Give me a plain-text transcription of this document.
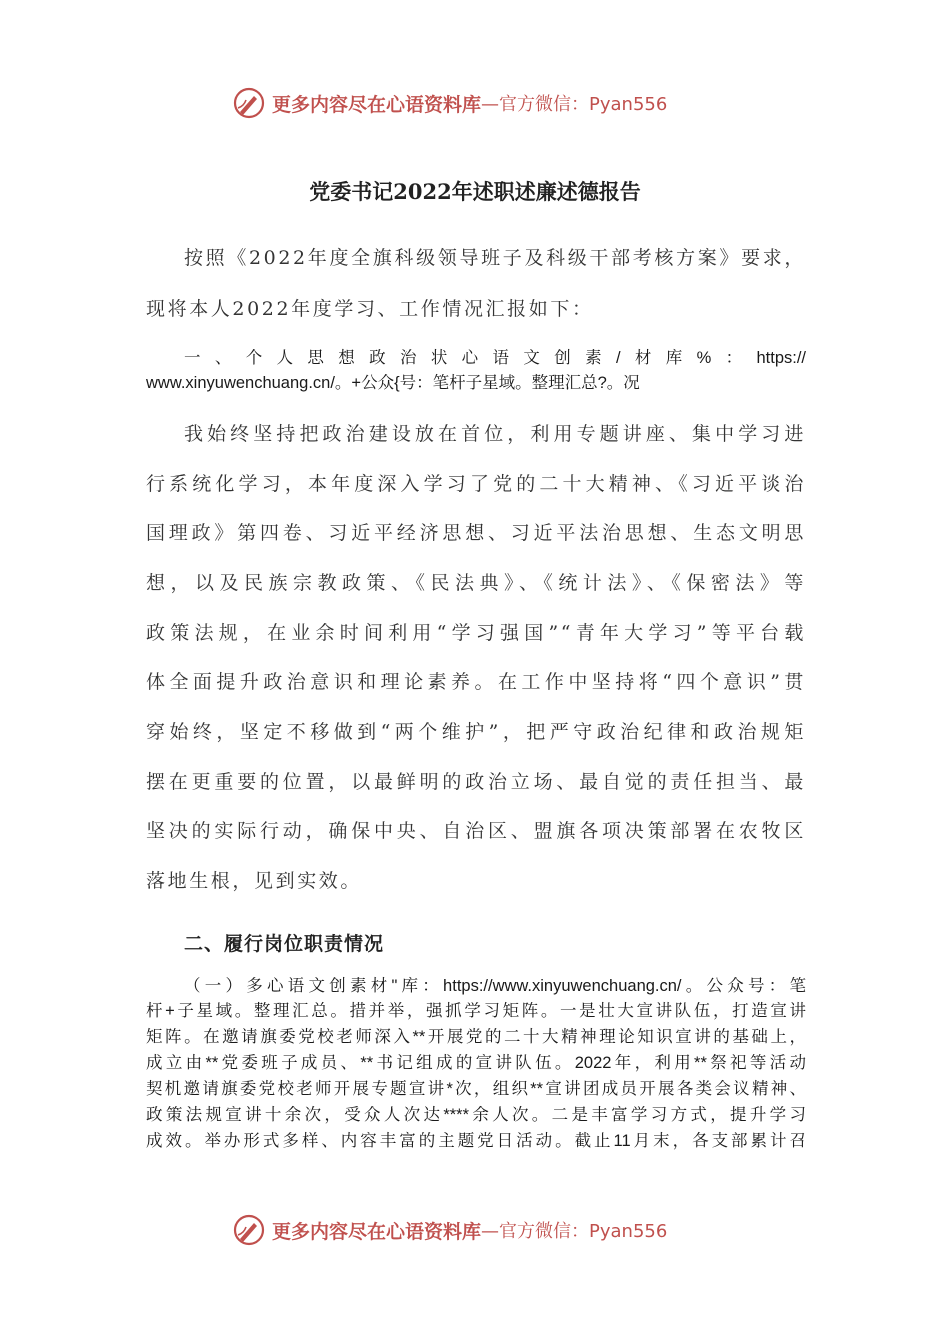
更多内容尽在心语资料库 —官方微信：Pyan556
党委书记2022年述职述廉述德报告
按照《2022年度全旗科级领导班子及科级干部考核方案》要求，
现将本人2022年度学习、工作情况汇报如下：
一、个人思想政治状心语文创素/材库%：https://
www.xinyuwenchuang.cn/。+公众{号：笔杆子星域。整理汇总?。况
我始终坚持把政治建设放在首位，利用专题讲座、集中学习进
行系统化学习，本年度深入学习了党的二十大精神、《习近平谈治
国理政》第四卷、习近平经济思想、习近平法治思想、生态文明思
想，以及民族宗教政策、《民法典》、《统计法》、《保密法》等
政策法规，在业余时间利用“学习强国”“青年大学习”等平台载
体全面提升政治意识和理论素养。在工作中坚持将“四个意识”贯
穿始终，坚定不移做到“两个维护”，把严守政治纪律和政治规矩
摆在更重要的位置，以最鲜明的政治立场、最自觉的责任担当、最
坚决的实际行动，确保中央、自治区、盟旗各项决策部署在农牧区
落地生根，见到实效。
二、履行岗位职责情况
（一）多心语文创素材"库：https://www.xinyuwenchuang.cn/。公众号：笔
杆+子星域。整理汇总。措并举，强抓学习矩阵。一是壮大宣讲队伍，打造宣讲
矩阵。在邀请旗委党校老师深入**开展党的二十大精神理论知识宣讲的基础上，
成立由**党委班子成员、**书记组成的宣讲队伍。2022年，利用**祭祀等活动
契机邀请旗委党校老师开展专题宣讲*次，组织**宣讲团成员开展各类会议精神、
政策法规宣讲十余次，受众人次达****余人次。二是丰富学习方式，提升学习
成效。举办形式多样、内容丰富的主题党日活动。截止11月末，各支部累计召
更多内容尽在心语资料库 —官方微信：Pyan556
